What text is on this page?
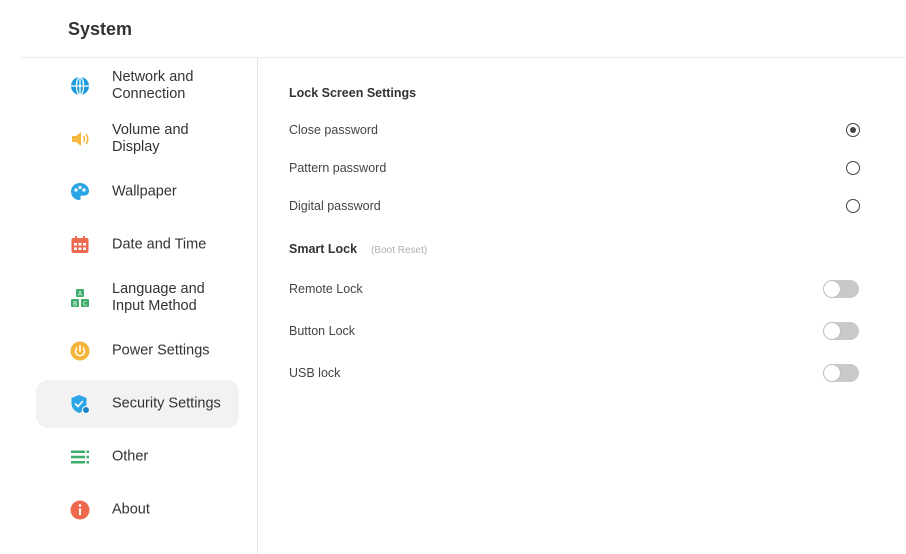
System
Network and Connection
Volume and Display
Wallpaper
Date and Time
A
B C
Language and Input Method
Power Settings
Security Settings
Other
About
Lock Screen Settings
Close password
Pattern password
Digital password
Smart Lock (Boot Reset)
Remote Lock
Button Lock
USB lock
